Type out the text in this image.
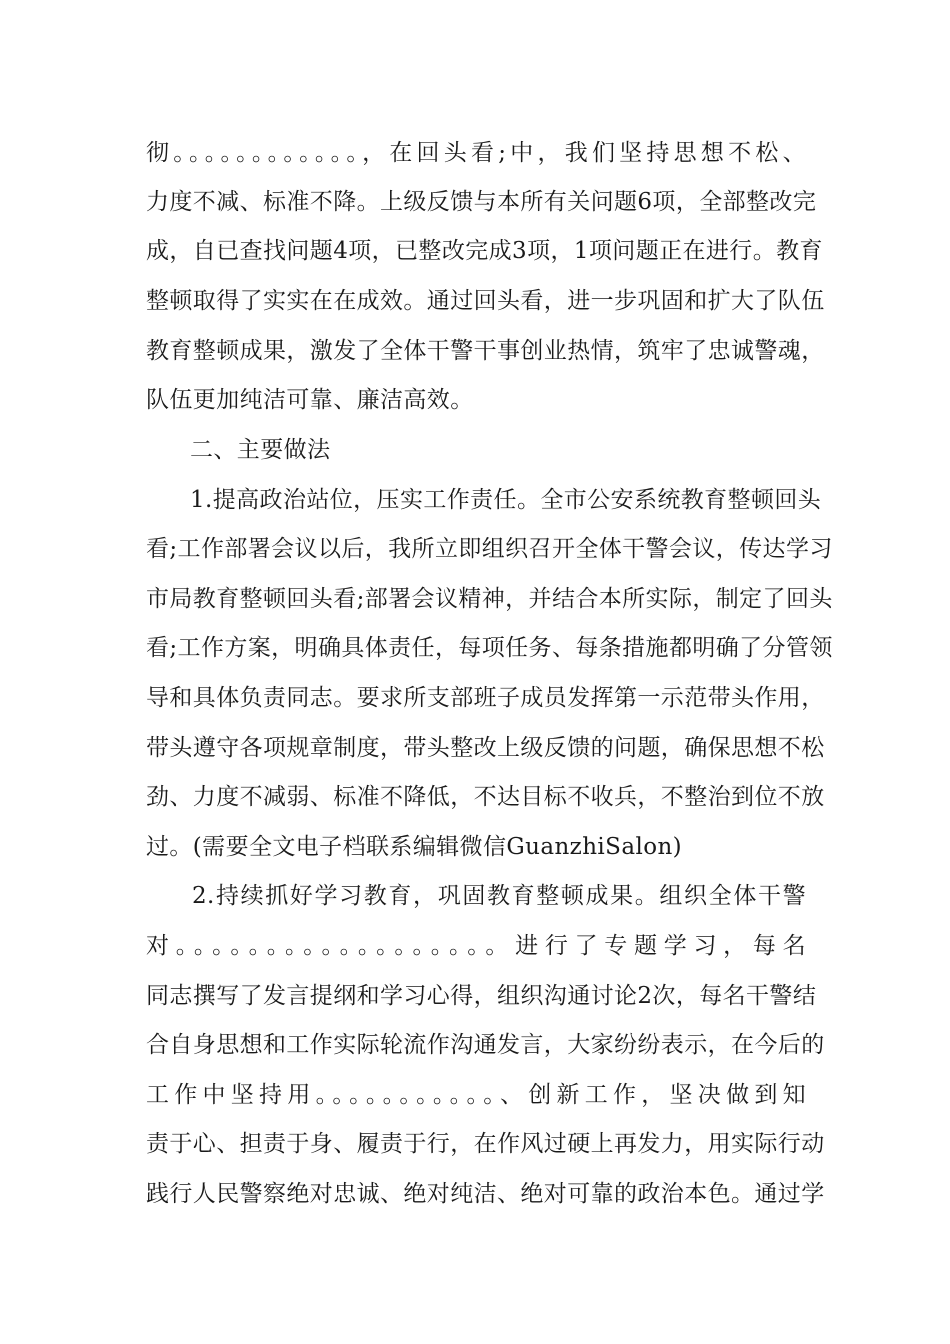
彻。。。。。。。。。。。。，在回头看;中，我们坚持思想不松、
力度不减、标准不降。上级反馈与本所有关问题6项，全部整改完
成，自已查找问题4项，已整改完成3项，1项问题正在进行。教育
整顿取得了实实在在成效。通过回头看，进一步巩固和扩大了队伍
教育整顿成果，激发了全体干警干事创业热情，筑牢了忠诚警魂，
队伍更加纯洁可靠、廉洁高效。
二、主要做法
1.提高政治站位，压实工作责任。全市公安系统教育整顿回头
看;工作部署会议以后，我所立即组织召开全体干警会议，传达学习
市局教育整顿回头看;部署会议精神，并结合本所实际，制定了回头
看;工作方案，明确具体责任，每项任务、每条措施都明确了分管领
导和具体负责同志。要求所支部班子成员发挥第一示范带头作用，
带头遵守各项规章制度，带头整改上级反馈的问题，确保思想不松
劲、力度不减弱、标准不降低，不达目标不收兵，不整治到位不放
过。(需要全文电子档联系编辑微信GuanzhiSalon)
2.持续抓好学习教育，巩固教育整顿成果。组织全体干警
对。。。。。。。。。。。。。。。。。。进行了专题学习，每名
同志撰写了发言提纲和学习心得，组织沟通讨论2次，每名干警结
合自身思想和工作实际轮流作沟通发言，大家纷纷表示，在今后的
工作中坚持用。。。。。。。。。。。、创新工作，坚决做到知
责于心、担责于身、履责于行，在作风过硬上再发力，用实际行动
践行人民警察绝对忠诚、绝对纯洁、绝对可靠的政治本色。通过学
